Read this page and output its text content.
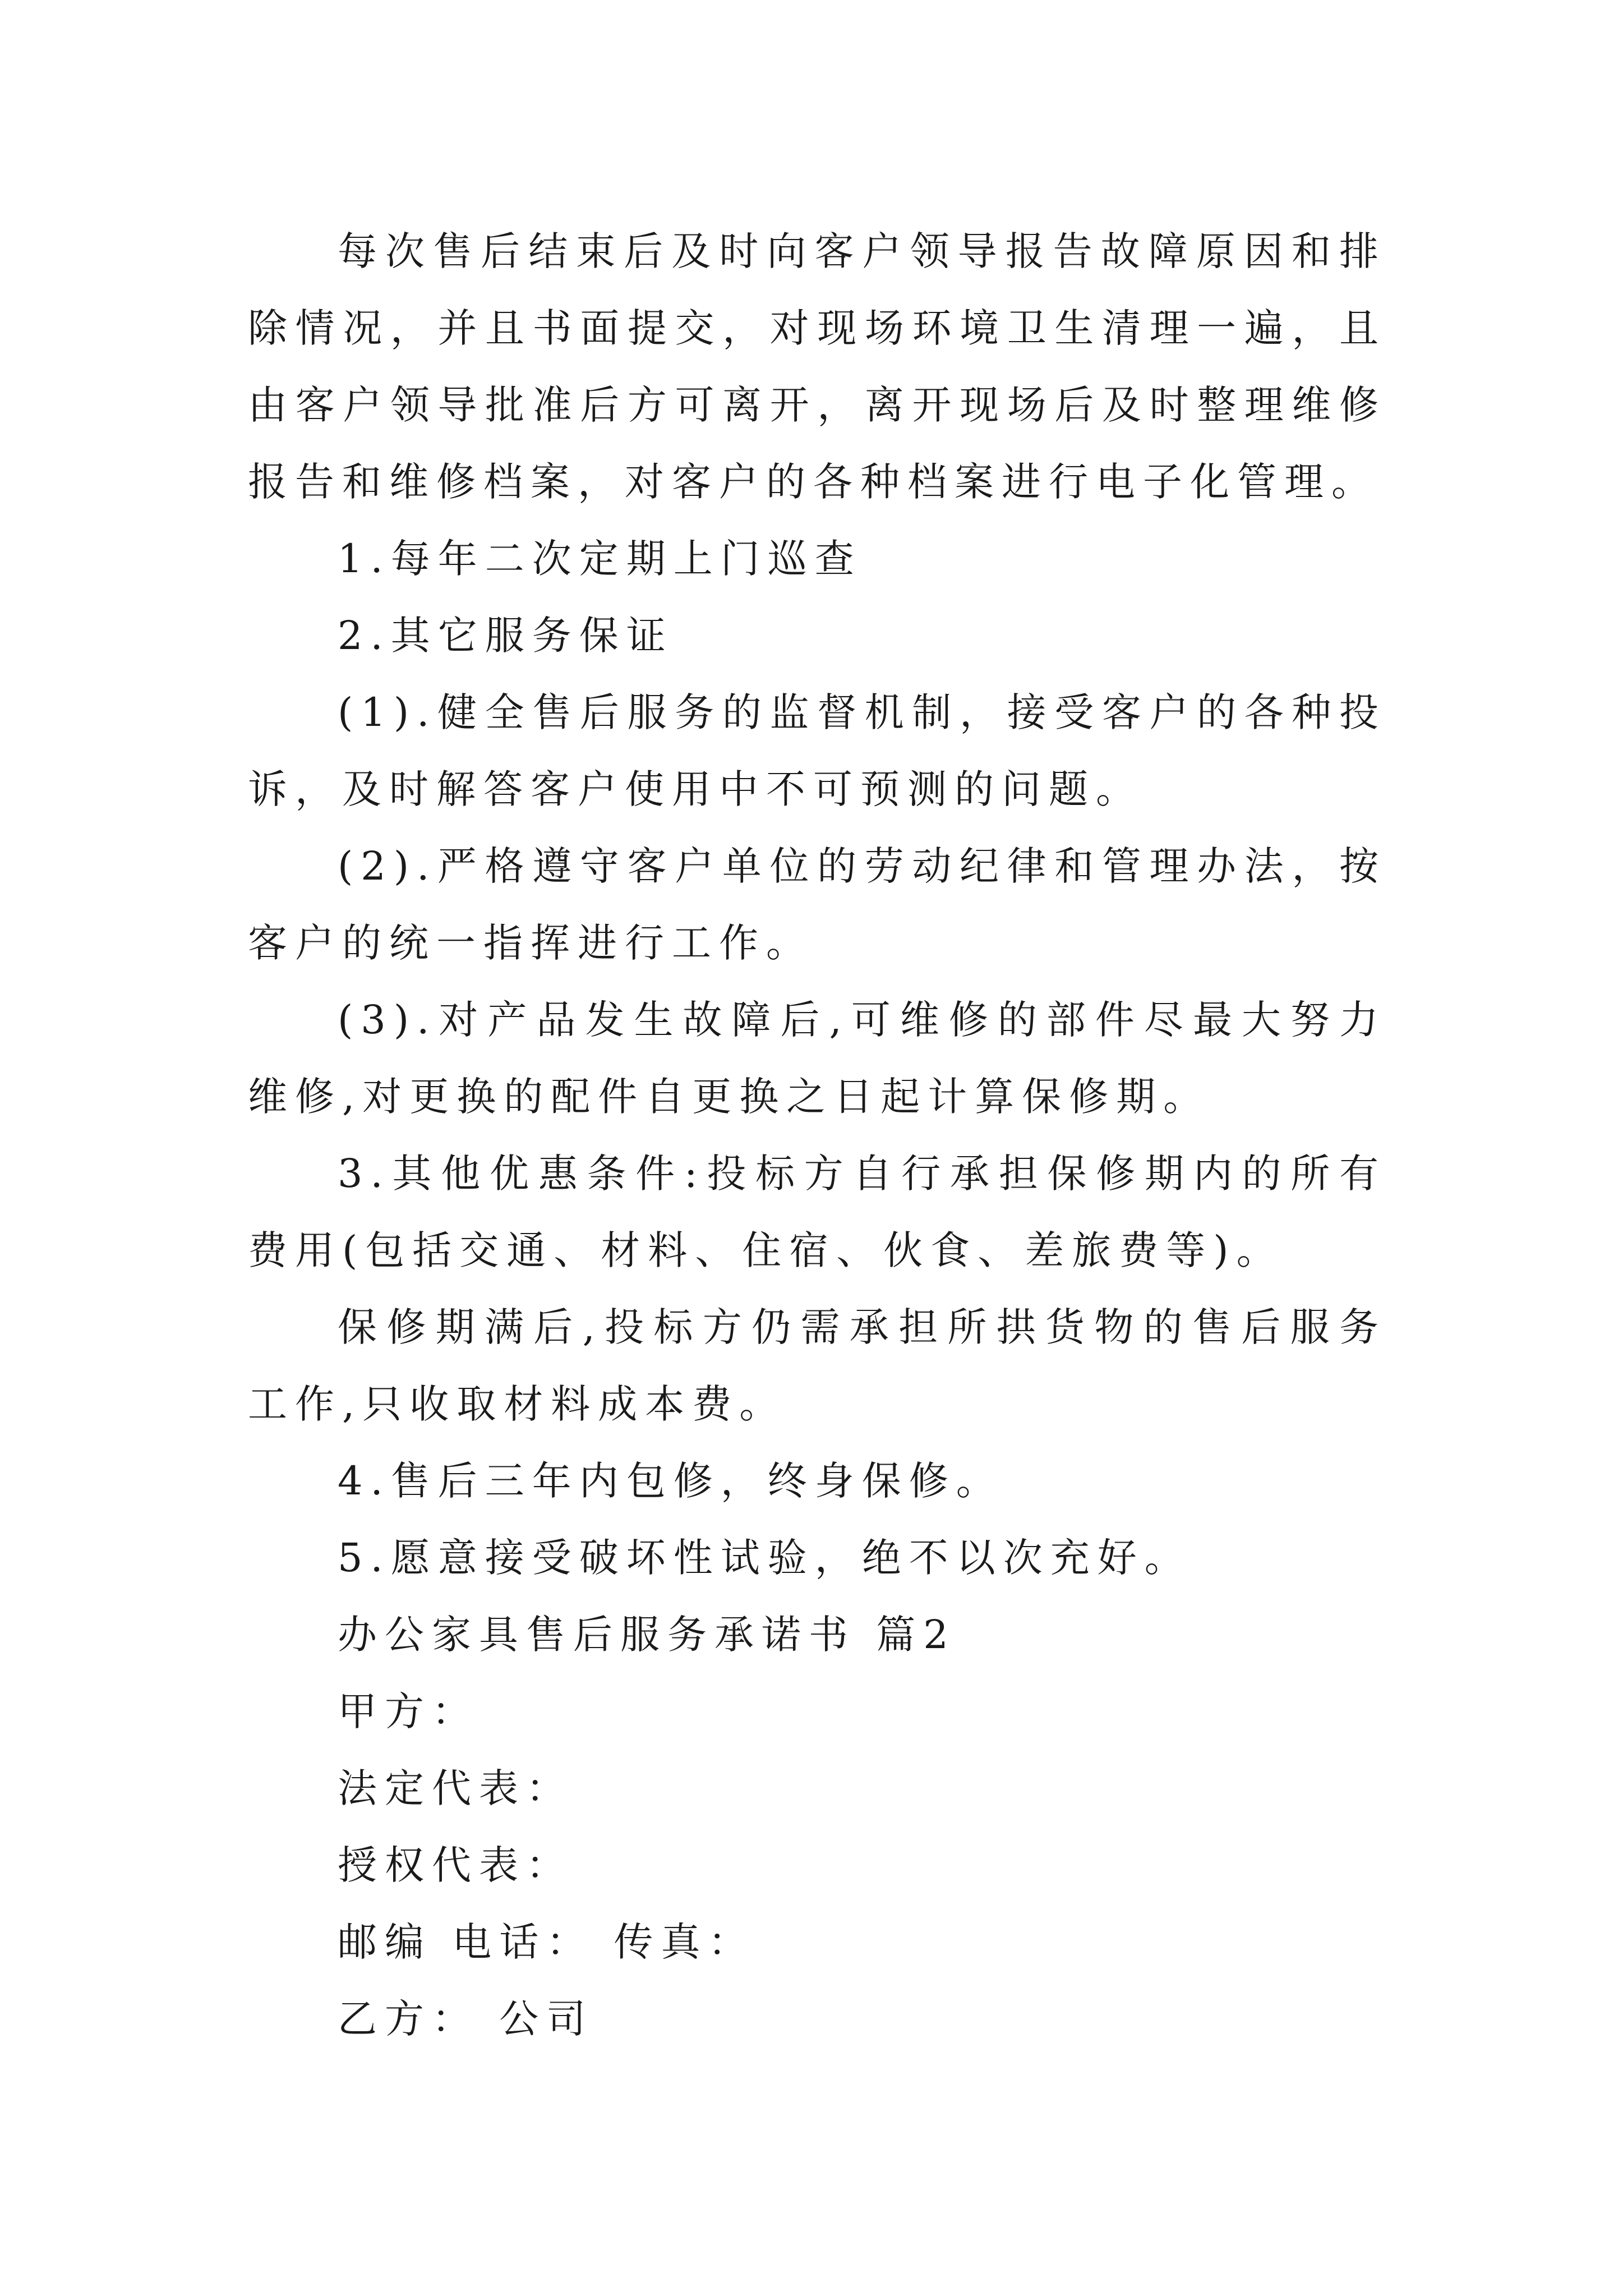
每次售后结束后及时向客户领导报告故障原因和排除情况，并且书面提交，对现场环境卫生清理一遍，且由客户领导批准后方可离开，离开现场后及时整理维修报告和维修档案，对客户的各种档案进行电子化管理。

1.每年二次定期上门巡查

2.其它服务保证

(1).健全售后服务的监督机制，接受客户的各种投诉，及时解答客户使用中不可预测的问题。

(2).严格遵守客户单位的劳动纪律和管理办法，按客户的统一指挥进行工作。

(3).对产品发生故障后,可维修的部件尽最大努力维修,对更换的配件自更换之日起计算保修期。

3.其他优惠条件:投标方自行承担保修期内的所有费用(包括交通、材料、住宿、伙食、差旅费等)。

保修期满后,投标方仍需承担所拱货物的售后服务工作,只收取材料成本费。

4.售后三年内包修，终身保修。

5.愿意接受破坏性试验，绝不以次充好。

办公家具售后服务承诺书 篇2

甲方：

法定代表：

授权代表：

邮编 电话： 传真：

乙方： 公司
